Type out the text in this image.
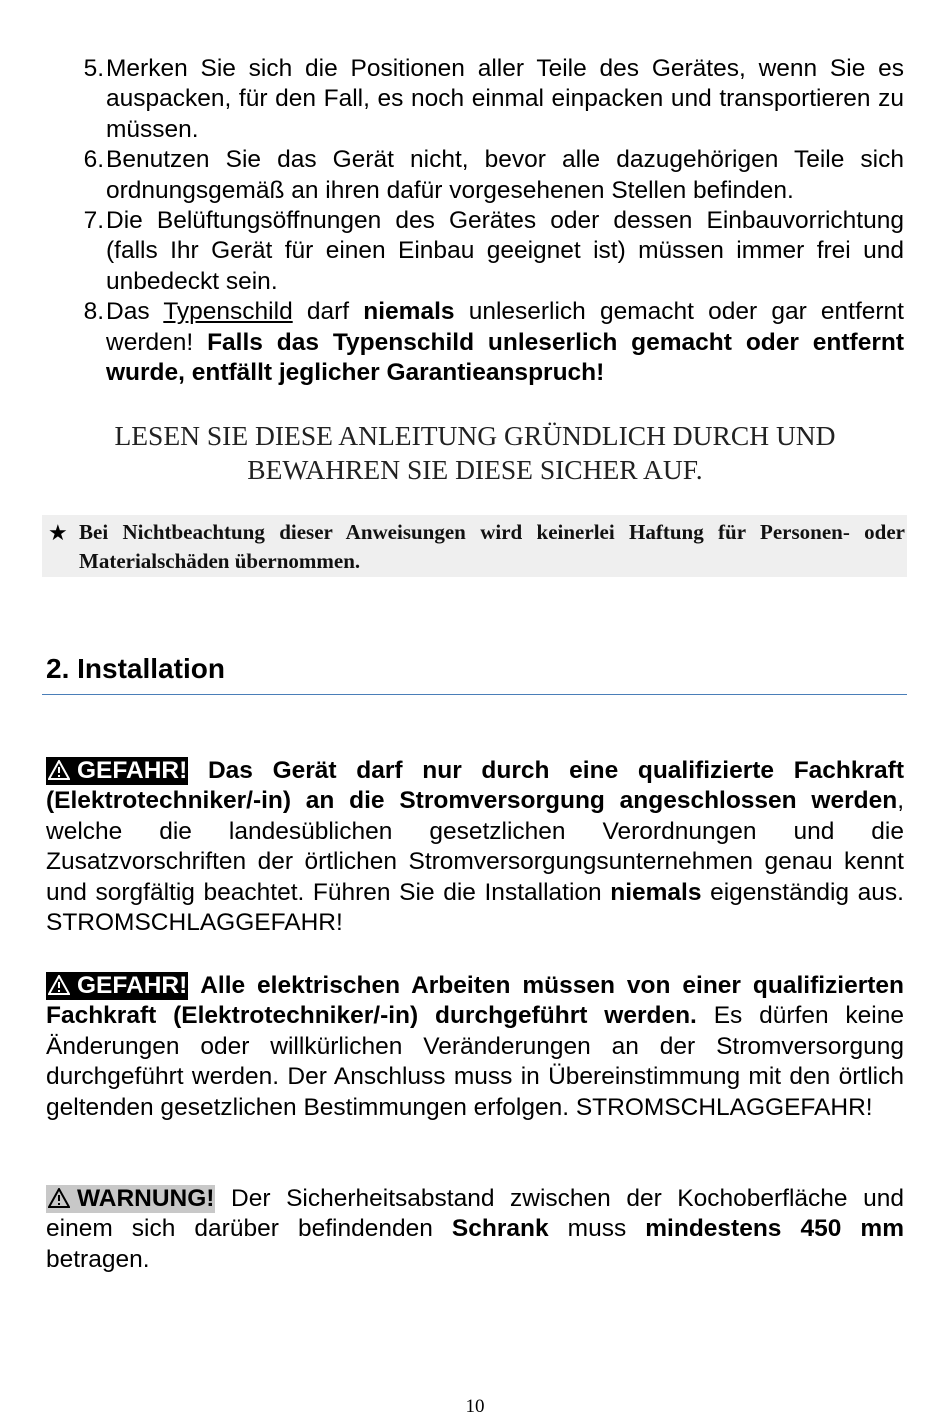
5. Merken Sie sich die Positionen aller Teile des Gerätes, wenn Sie es auspacken, für den Fall, es noch einmal einpacken und transportieren zu müssen.
6. Benutzen Sie das Gerät nicht, bevor alle dazugehörigen Teile sich ordnungsgemäß an ihren dafür vorgesehenen Stellen befinden.
7. Die Belüftungsöffnungen des Gerätes oder dessen Einbauvorrichtung (falls Ihr Gerät für einen Einbau geeignet ist) müssen immer frei und unbedeckt sein.
8. Das Typenschild darf niemals unleserlich gemacht oder gar entfernt werden! Falls das Typenschild unleserlich gemacht oder entfernt wurde, entfällt jeglicher Garantieanspruch!
LESEN SIE DIESE ANLEITUNG GRÜNDLICH DURCH UND
BEWAHREN SIE DIESE SICHER AUF.
★ Bei Nichtbeachtung dieser Anweisungen wird keinerlei Haftung für Personen- oder Materialschäden übernommen.
2. Installation
GEFAHR! Das Gerät darf nur durch eine qualifizierte Fachkraft (Elektrotechniker/-in) an die Stromversorgung angeschlossen werden, welche die landesüblichen gesetzlichen Verordnungen und die Zusatzvorschriften der örtlichen Stromversorgungsunternehmen genau kennt und sorgfältig beachtet. Führen Sie die Installation niemals eigenständig aus. STROMSCHLAGGEFAHR!
GEFAHR! Alle elektrischen Arbeiten müssen von einer qualifizierten Fachkraft (Elektrotechniker/-in) durchgeführt werden. Es dürfen keine Änderungen oder willkürlichen Veränderungen an der Stromversorgung durchgeführt werden. Der Anschluss muss in Übereinstimmung mit den örtlich geltenden gesetzlichen Bestimmungen erfolgen. STROMSCHLAGGEFAHR!
WARNUNG! Der Sicherheitsabstand zwischen der Kochoberfläche und einem sich darüber befindenden Schrank muss mindestens 450 mm betragen.
10
